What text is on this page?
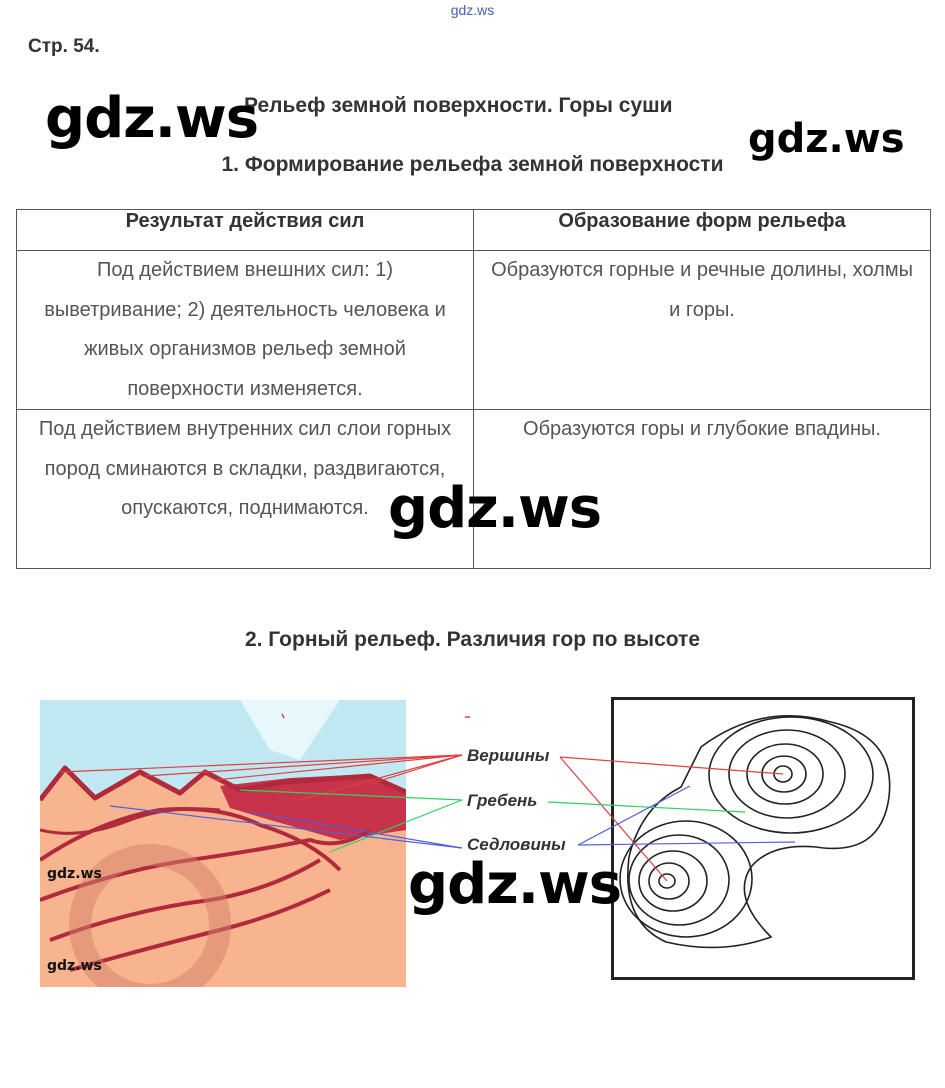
gdz.ws
Стр. 54.
Рельеф земной поверхности. Горы суши
1. Формирование рельефа земной поверхности
Результат действия сил	Образование форм рельефа
Под действием внешних сил: 1) выветривание; 2) деятельность человека и живых организмов рельеф земной поверхности изменяется.	Образуются горные и речные долины, холмы и горы.
Под действием внутренних сил слои горных пород сминаются в складки, раздвигаются, опускаются, поднимаются.	Образуются горы и глубокие впадины.
2. Горный рельеф. Различия гор по высоте
Вершины
Гребень
Седловины
gdz.ws
gdz.ws
gdz.ws	gdz.ws
gdz.ws
gdz.ws
